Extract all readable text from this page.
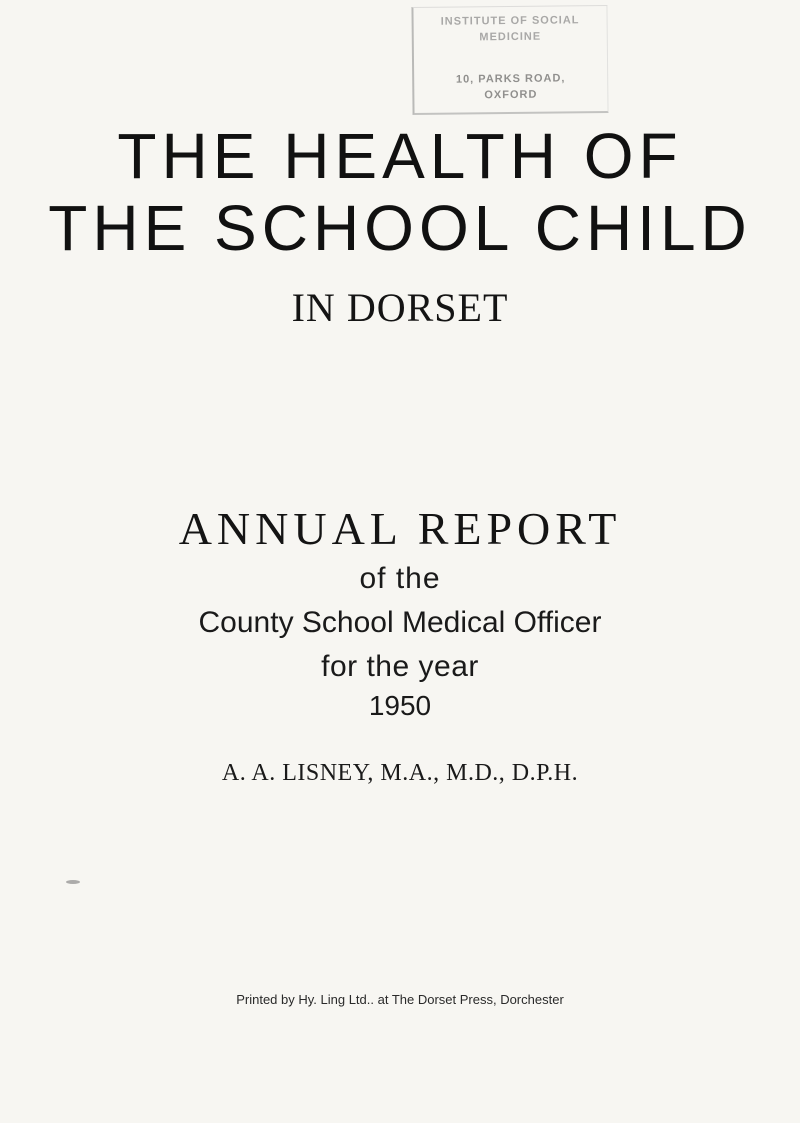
INSTITUTE OF SOCIAL
MEDICINE
10, PARKS ROAD,
OXFORD
THE HEALTH OF
THE SCHOOL CHILD
IN DORSET
ANNUAL REPORT
of the
County School Medical Officer
for the year
1950
A. A. LISNEY, M.A., M.D., D.P.H.
Printed by Hy. Ling Ltd.. at The Dorset Press, Dorchester
